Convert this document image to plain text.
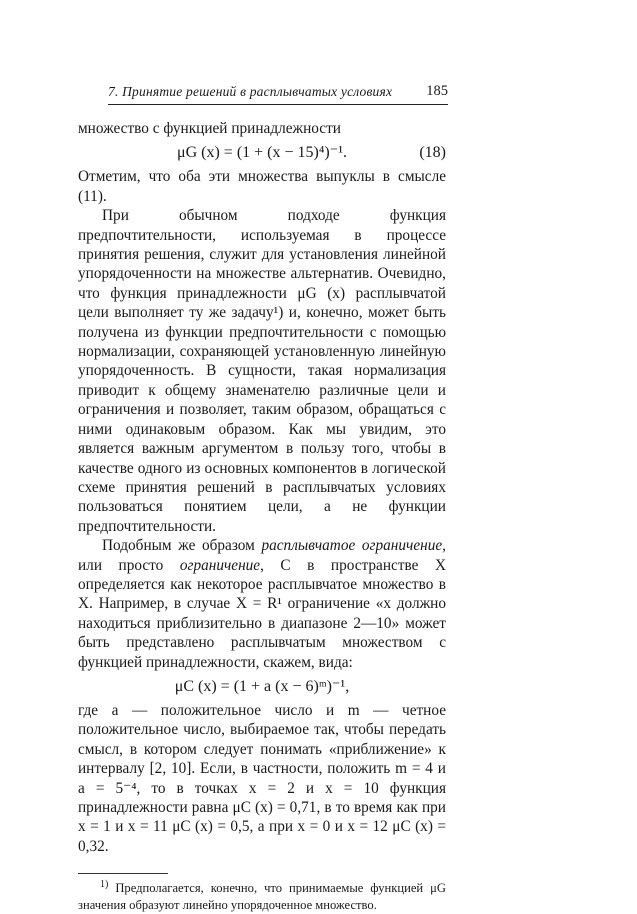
7. Принятие решений в расплывчатых условиях 185

множество с функцией принадлежности

μG (x) = (1 + (x − 15)⁴)⁻¹.	(18)

Отметим, что оба эти множества выпуклы в смысле (11).

При обычном подходе функция предпочтительности, используемая в процессе принятия решения, служит для установления линейной упорядоченности на множестве альтернатив. Очевидно, что функция принадлежности μG (x) расплывчатой цели выполняет ту же задачу¹) и, конечно, может быть получена из функции предпочтительности с помощью нормализации, сохраняющей установленную линейную упорядоченность. В сущности, такая нормализация приводит к общему знаменателю различные цели и ограничения и позволяет, таким образом, обращаться с ними одинаковым образом. Как мы увидим, это является важным аргументом в пользу того, чтобы в качестве одного из основных компонентов в логической схеме принятия решений в расплывчатых условиях пользоваться понятием цели, а не функции предпочтительности.

Подобным же образом расплывчатое ограничение, или просто ограничение, C в пространстве X определяется как некоторое расплывчатое множество в X. Например, в случае X = R¹ ограничение «x должно находиться приблизительно в диапазоне 2—10» может быть представлено расплывчатым множеством с функцией принадлежности, скажем, вида:

μC (x) = (1 + a (x − 6)ᵐ)⁻¹,

где a — положительное число и m — четное положительное число, выбираемое так, чтобы передать смысл, в котором следует понимать «приближение» к интервалу [2, 10]. Если, в частности, положить m = 4 и a = 5⁻⁴, то в точках x = 2 и x = 10 функция принадлежности равна μC (x) = 0,71, в то время как при x = 1 и x = 11 μC (x) = 0,5, а при x = 0 и x = 12 μC (x) = 0,32.

$^{1)}$ Предполагается, конечно, что принимаемые функцией μG значения образуют линейно упорядоченное множество.
